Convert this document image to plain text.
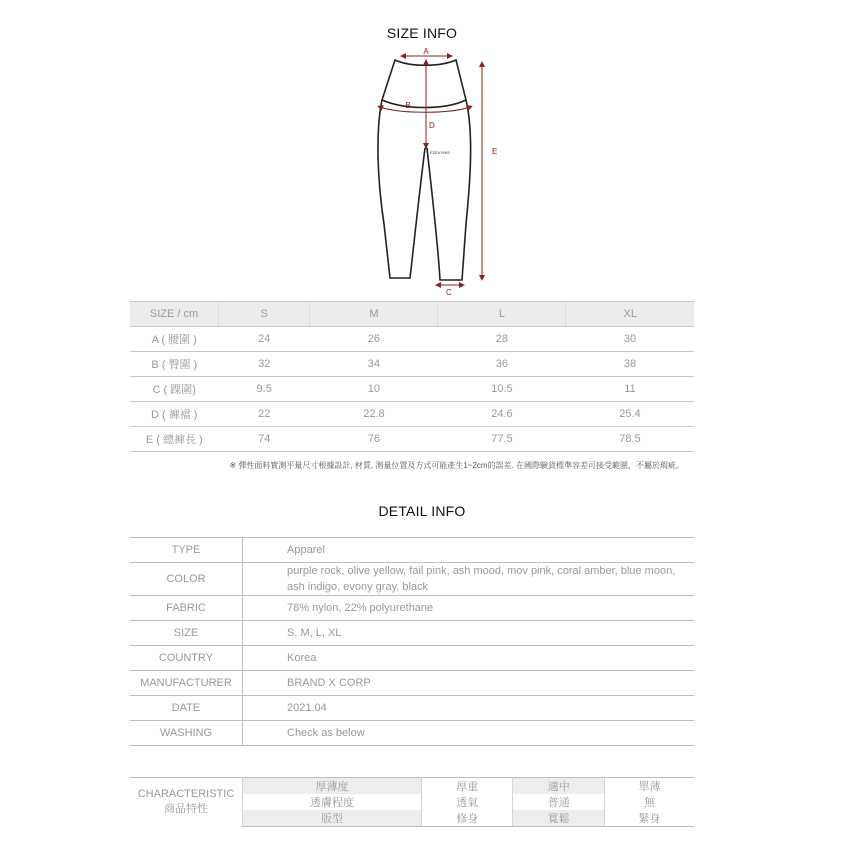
SIZE INFO
A
B
D
E
C
EZEVYNIS
SIZE / cm	S	M	L	XL
A ( 腰圍 )	24	26	28	30
B ( 臀圍 )	32	34	36	38
C ( 踝圍)	9.5	10	10.5	11
D ( 褲襠 )	22	22.8	24.6	25.4
E ( 總褲長 )	74	76	77.5	78.5
※ 彈性面料實測平量尺寸根據設計, 材質, 測量位置及方式可能產生1~2cm的誤差. 在國際驗貨標準容差可接受範圍，不屬於瑕疵。
DETAIL INFO
TYPE	Apparel
COLOR	purple rock, olive yellow, fail pink, ash mood, mov pink, coral amber, blue moon, ash indigo, evony gray, black
FABRIC	78% nylon, 22% polyurethane
SIZE	S, M, L, XL
COUNTRY	Korea
MANUFACTURER	BRAND X CORP
DATE	2021.04
WASHING	Check as below
CHARACTERISTIC
商品特性	厚薄度	厚重	適中	單薄
	透膚程度	透氣	普通	無
	版型	修身	寬鬆	緊身
